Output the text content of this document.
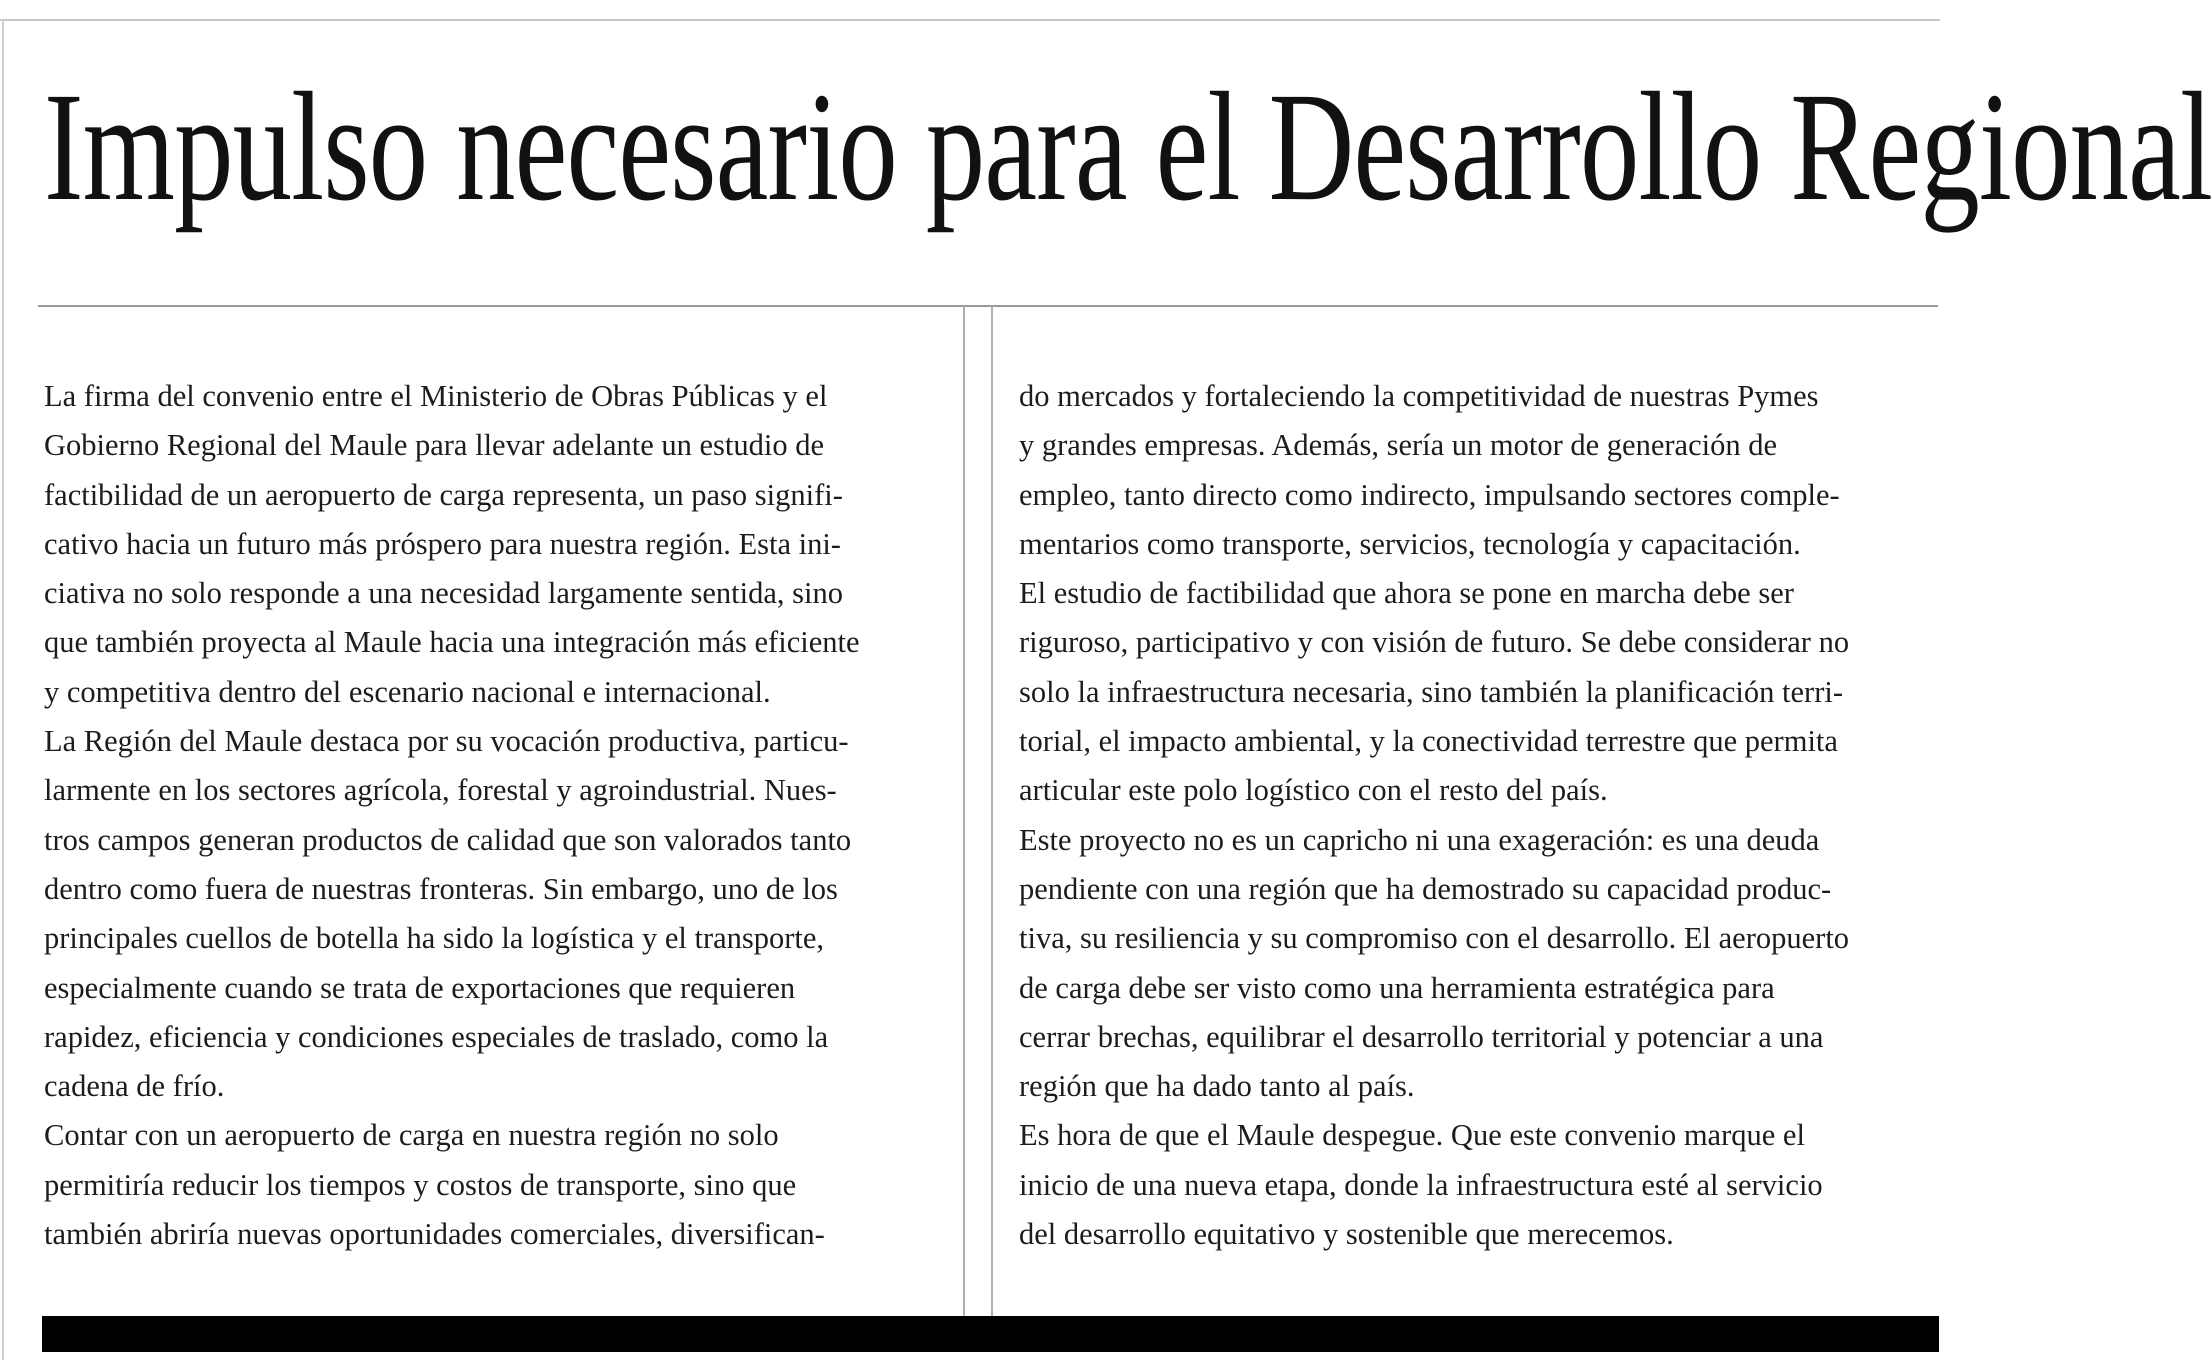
Impulso necesario para el Desarrollo Regional
La firma del convenio entre el Ministerio de Obras Públicas y el
Gobierno Regional del Maule para llevar adelante un estudio de
factibilidad de un aeropuerto de carga representa, un paso signifi-
cativo hacia un futuro más próspero para nuestra región. Esta ini-
ciativa no solo responde a una necesidad largamente sentida, sino
que también proyecta al Maule hacia una integración más eficiente
y competitiva dentro del escenario nacional e internacional.
La Región del Maule destaca por su vocación productiva, particu-
larmente en los sectores agrícola, forestal y agroindustrial. Nues-
tros campos generan productos de calidad que son valorados tanto
dentro como fuera de nuestras fronteras. Sin embargo, uno de los
principales cuellos de botella ha sido la logística y el transporte,
especialmente cuando se trata de exportaciones que requieren
rapidez, eficiencia y condiciones especiales de traslado, como la
cadena de frío.
Contar con un aeropuerto de carga en nuestra región no solo
permitiría reducir los tiempos y costos de transporte, sino que
también abriría nuevas oportunidades comerciales, diversifican-
do mercados y fortaleciendo la competitividad de nuestras Pymes
y grandes empresas. Además, sería un motor de generación de
empleo, tanto directo como indirecto, impulsando sectores comple-
mentarios como transporte, servicios, tecnología y capacitación.
El estudio de factibilidad que ahora se pone en marcha debe ser
riguroso, participativo y con visión de futuro. Se debe considerar no
solo la infraestructura necesaria, sino también la planificación terri-
torial, el impacto ambiental, y la conectividad terrestre que permita
articular este polo logístico con el resto del país.
Este proyecto no es un capricho ni una exageración: es una deuda
pendiente con una región que ha demostrado su capacidad produc-
tiva, su resiliencia y su compromiso con el desarrollo. El aeropuerto
de carga debe ser visto como una herramienta estratégica para
cerrar brechas, equilibrar el desarrollo territorial y potenciar a una
región que ha dado tanto al país.
Es hora de que el Maule despegue. Que este convenio marque el
inicio de una nueva etapa, donde la infraestructura esté al servicio
del desarrollo equitativo y sostenible que merecemos.
